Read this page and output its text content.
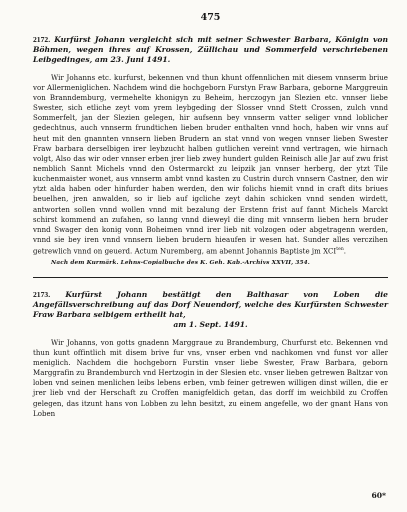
475

2172. Kurfürst Johann vergleicht sich mit seiner Schwester Barbara, Königin von Böhmen, wegen ihres auf Krossen, Züllichau und Sommerfeld verschriebenen Leibgedinges, am 23. Juni 1491.

Wir Johanns etc. kurfurst, bekennen vnd thun khunt offennlichen mit diesem vnnserm briue vor Allermeniglichen. Nachdem wind die hochgeborn Furstyn Fraw Barbara, geborne Marggreuin von Branndemburg, vermehelte khonigyn zu Beheim, herczogyn jan Slezien etc. vnnser liebe Swester, sich etliche zeyt vom yrem leybgeding der Slosser vnnd Stett Crossen, zulch vnnd Sommerfelt, jan der Slezien gelegen, hir aufsenn bey vnnserm vatter seliger vnnd loblicher gedechtnus, auch vnnserm frundtichen lieben bruder enthalten vnnd hoch, haben wir vnns auf heut mit den gnannten vnnsern lieben Brudern an stat vnnd von wegen vnnser lieben Swester Fraw barbara derselbigen irer leybzucht halben gutlichen vereint vnnd vertragen, wie hirnach volgt, Also das wir oder vnnser erben jrer lieb zwey hundert gulden Reinisch alle Jar auf zwu frist nemblich Sannt Michels vnnd den Ostermarckt zu leipzik jan vnnser herberg, der ytzt Tile kuchenmaister wonet, aus vnnserm ambt vnnd kasten zu Custrin durch vnnsern Castner, den wir ytzt alda haben oder hinfurder haben werden, den wir folichs hiemit vnnd in craft dits briues beuelhen, jren anwalden, so ir lieb auf igcliche zeyt dahin schicken vnnd senden wirdett, antworten sollen vnnd wollen vnnd mit bezalung der Erstenn frist auf fannt Michels Marckt schirst kommend an zufahen, so lanng vnnd dieweyl die ding mit vnnserm lieben hern bruder vnnd Swager den konig vonn Boheimen vnnd irer lieb nit volzogen oder abgetragenn werden, vnnd sie bey iren vnnd vnnsern lieben brudern hieaufen ir wesen hat. Sunder alles verczihen getrewlich vnnd on geuerd. Actum Nuremberg, am abennt Johannis Baptiste jm $XCI^{ten}$.

Nach dem Kurmärk. Lehns-Copialbuche des K. Geh. Kab.-Archivs XXVII, 354.

2173. Kurfürst Johann bestätigt den Balthasar von Loben die Angefällsverschreibung auf das Dorf Neuendorf, welche des Kurfürsten Schwester Fraw Barbara selbigem ertheilt hat,
am 1. Sept. 1491.

Wir Johanns, von gotts gnadenn Marggraue zu Brandemburg, Churfurst etc. Bekennen vnd thun kunt offintlich mit disem brive fur vns, vnser erben vnd nachkomen vnd funst vor aller meniglich. Nachdem die hochgeborn Furstin vnser liebe Swester, Fraw Barbara, geborn Marggrafin zu Brandemburch vnd Hertzogin in der Slesien etc. vnser lieben getrewen Baltzar von loben vnd seinen menlichen leibs lebens erben, vmb feiner getrewen willigen dinst willen, die er jrer lieb vnd der Herschaft zu Croffen manigfeldich getan, das dorff im weichbild zu Croffen gelegen, das itzunt hans von Lobben zu lehn besitzt, zu einem angefelle, wo der gnant Hans von Loben

60*
